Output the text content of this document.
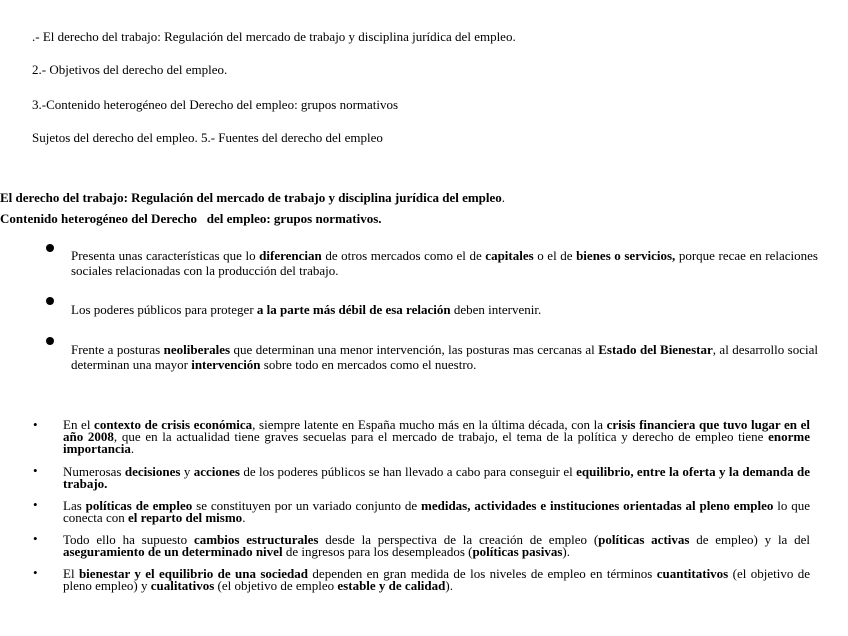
.- El derecho del trabajo: Regulación del mercado de trabajo y disciplina jurídica del empleo.
2.- Objetivos del derecho del empleo.
3.-Contenido heterogéneo del Derecho del empleo: grupos normativos
Sujetos del derecho del empleo. 5.- Fuentes del derecho del empleo
El derecho del trabajo: Regulación del mercado de trabajo y disciplina jurídica del empleo.
Contenido heterogéneo del Derecho   del empleo: grupos normativos.
Presenta unas características que lo diferencian de otros mercados como el de capitales o el de bienes o servicios, porque recae en relaciones sociales relacionadas con la producción del trabajo.
Los poderes públicos para proteger a la parte más débil de esa relación deben intervenir.
Frente a posturas neoliberales que determinan una menor intervención, las posturas mas cercanas al Estado del Bienestar, al desarrollo social determinan una mayor intervención sobre todo en mercados como el nuestro.
• En el contexto de crisis económica, siempre latente en España mucho más en la última década, con la crisis financiera que tuvo lugar en el año 2008, que en la actualidad tiene graves secuelas para el mercado de trabajo, el tema de la política y derecho de empleo tiene enorme importancia.
• Numerosas decisiones y acciones de los poderes públicos se han llevado a cabo para conseguir el equilibrio, entre la oferta y la demanda de trabajo.
• Las políticas de empleo se constituyen por un variado conjunto de medidas, actividades e instituciones orientadas al pleno empleo lo que conecta con el reparto del mismo.
• Todo ello ha supuesto cambios estructurales desde la perspectiva de la creación de empleo (políticas activas de empleo) y la del aseguramiento de un determinado nivel de ingresos para los desempleados (políticas pasivas).
• El bienestar y el equilibrio de una sociedad dependen en gran medida de los niveles de empleo en términos cuantitativos (el objetivo de pleno empleo) y cualitativos (el objetivo de empleo estable y de calidad).
